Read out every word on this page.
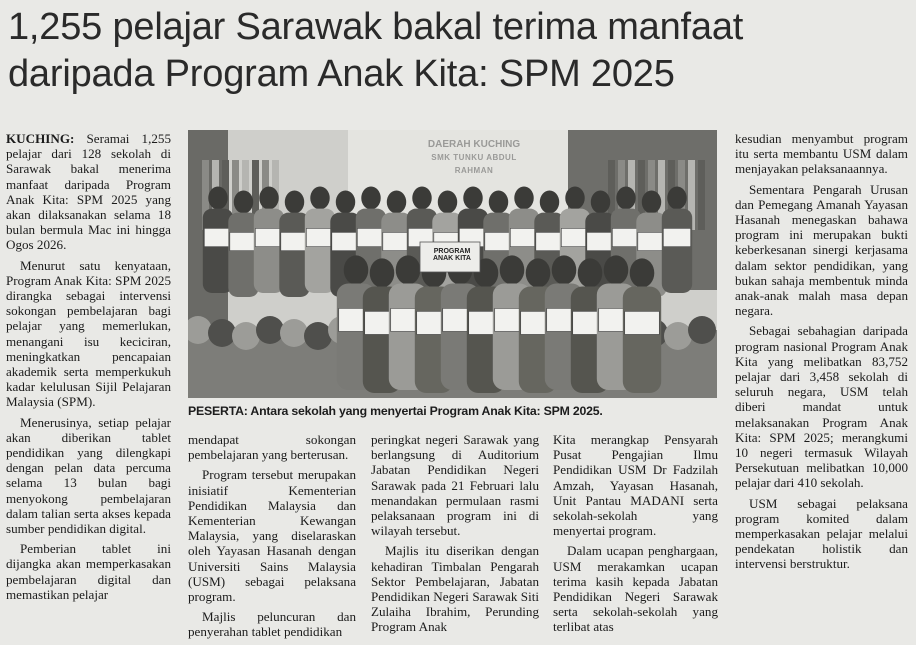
1,255 pelajar Sarawak bakal terima manfaat
daripada Program Anak Kita: SPM 2025

KUCHING: Seramai 1,255 pelajar dari 128 sekolah di Sarawak bakal menerima manfaat daripada Program Anak Kita: SPM 2025 yang akan dilaksanakan selama 18 bulan bermula Mac ini hingga Ogos 2026.

Menurut satu kenyataan, Program Anak Kita: SPM 2025 dirangka sebagai intervensi sokongan pembelajaran bagi pelajar yang memerlukan, menangani isu keciciran, meningkatkan pencapaian akademik serta memperkukuh kadar kelulusan Sijil Pelajaran Malaysia (SPM).

Menerusinya, setiap pelajar akan diberikan tablet pendidikan yang dilengkapi dengan pelan data percuma selama 13 bulan bagi menyokong pembelajaran dalam talian serta akses kepada sumber pendidikan digital.

Pemberian tablet ini dijangka akan memperkasakan pembelajaran digital dan memastikan pelajar

DAERAH KUCHING
SMK TUNKU ABDUL RAHMAN
PROGRAM ANAK KITA
PESERTA: Antara sekolah yang menyertai Program Anak Kita: SPM 2025.

mendapat sokongan pembelajaran yang berterusan.

Program tersebut merupakan inisiatif Kementerian Pendidikan Malaysia dan Kementerian Kewangan Malaysia, yang diselaraskan oleh Yayasan Hasanah dengan Universiti Sains Malaysia (USM) sebagai pelaksana program.

Majlis peluncuran dan penyerahan tablet pendidikan

peringkat negeri Sarawak yang berlangsung di Auditorium Jabatan Pendidikan Negeri Sarawak pada 21 Februari lalu menandakan permulaan rasmi pelaksanaan program ini di wilayah tersebut.

Majlis itu diserikan dengan kehadiran Timbalan Pengarah Sektor Pembelajaran, Jabatan Pendidikan Negeri Sarawak Siti Zulaiha Ibrahim, Perunding Program Anak

Kita merangkap Pensyarah Pusat Pengajian Ilmu Pendidikan USM Dr Fadzilah Amzah, Yayasan Hasanah, Unit Pantau MADANI serta sekolah-sekolah yang menyertai program.

Dalam ucapan penghargaan, USM merakamkan ucapan terima kasih kepada Jabatan Pendidikan Negeri Sarawak serta sekolah-sekolah yang terlibat atas

kesudian menyambut program itu serta membantu USM dalam menjayakan pelaksanaannya.

Sementara Pengarah Urusan dan Pemegang Amanah Yayasan Hasanah menegaskan bahawa program ini merupakan bukti keberkesanan sinergi kerjasama dalam sektor pendidikan, yang bukan sahaja membentuk minda anak-anak malah masa depan negara.

Sebagai sebahagian daripada program nasional Program Anak Kita yang melibatkan 83,752 pelajar dari 3,458 sekolah di seluruh negara, USM telah diberi mandat untuk melaksanakan Program Anak Kita: SPM 2025; merangkumi 10 negeri termasuk Wilayah Persekutuan melibatkan 10,000 pelajar dari 410 sekolah.

USM sebagai pelaksana program komited dalam memperkasakan pelajar melalui pendekatan holistik dan intervensi berstruktur.
